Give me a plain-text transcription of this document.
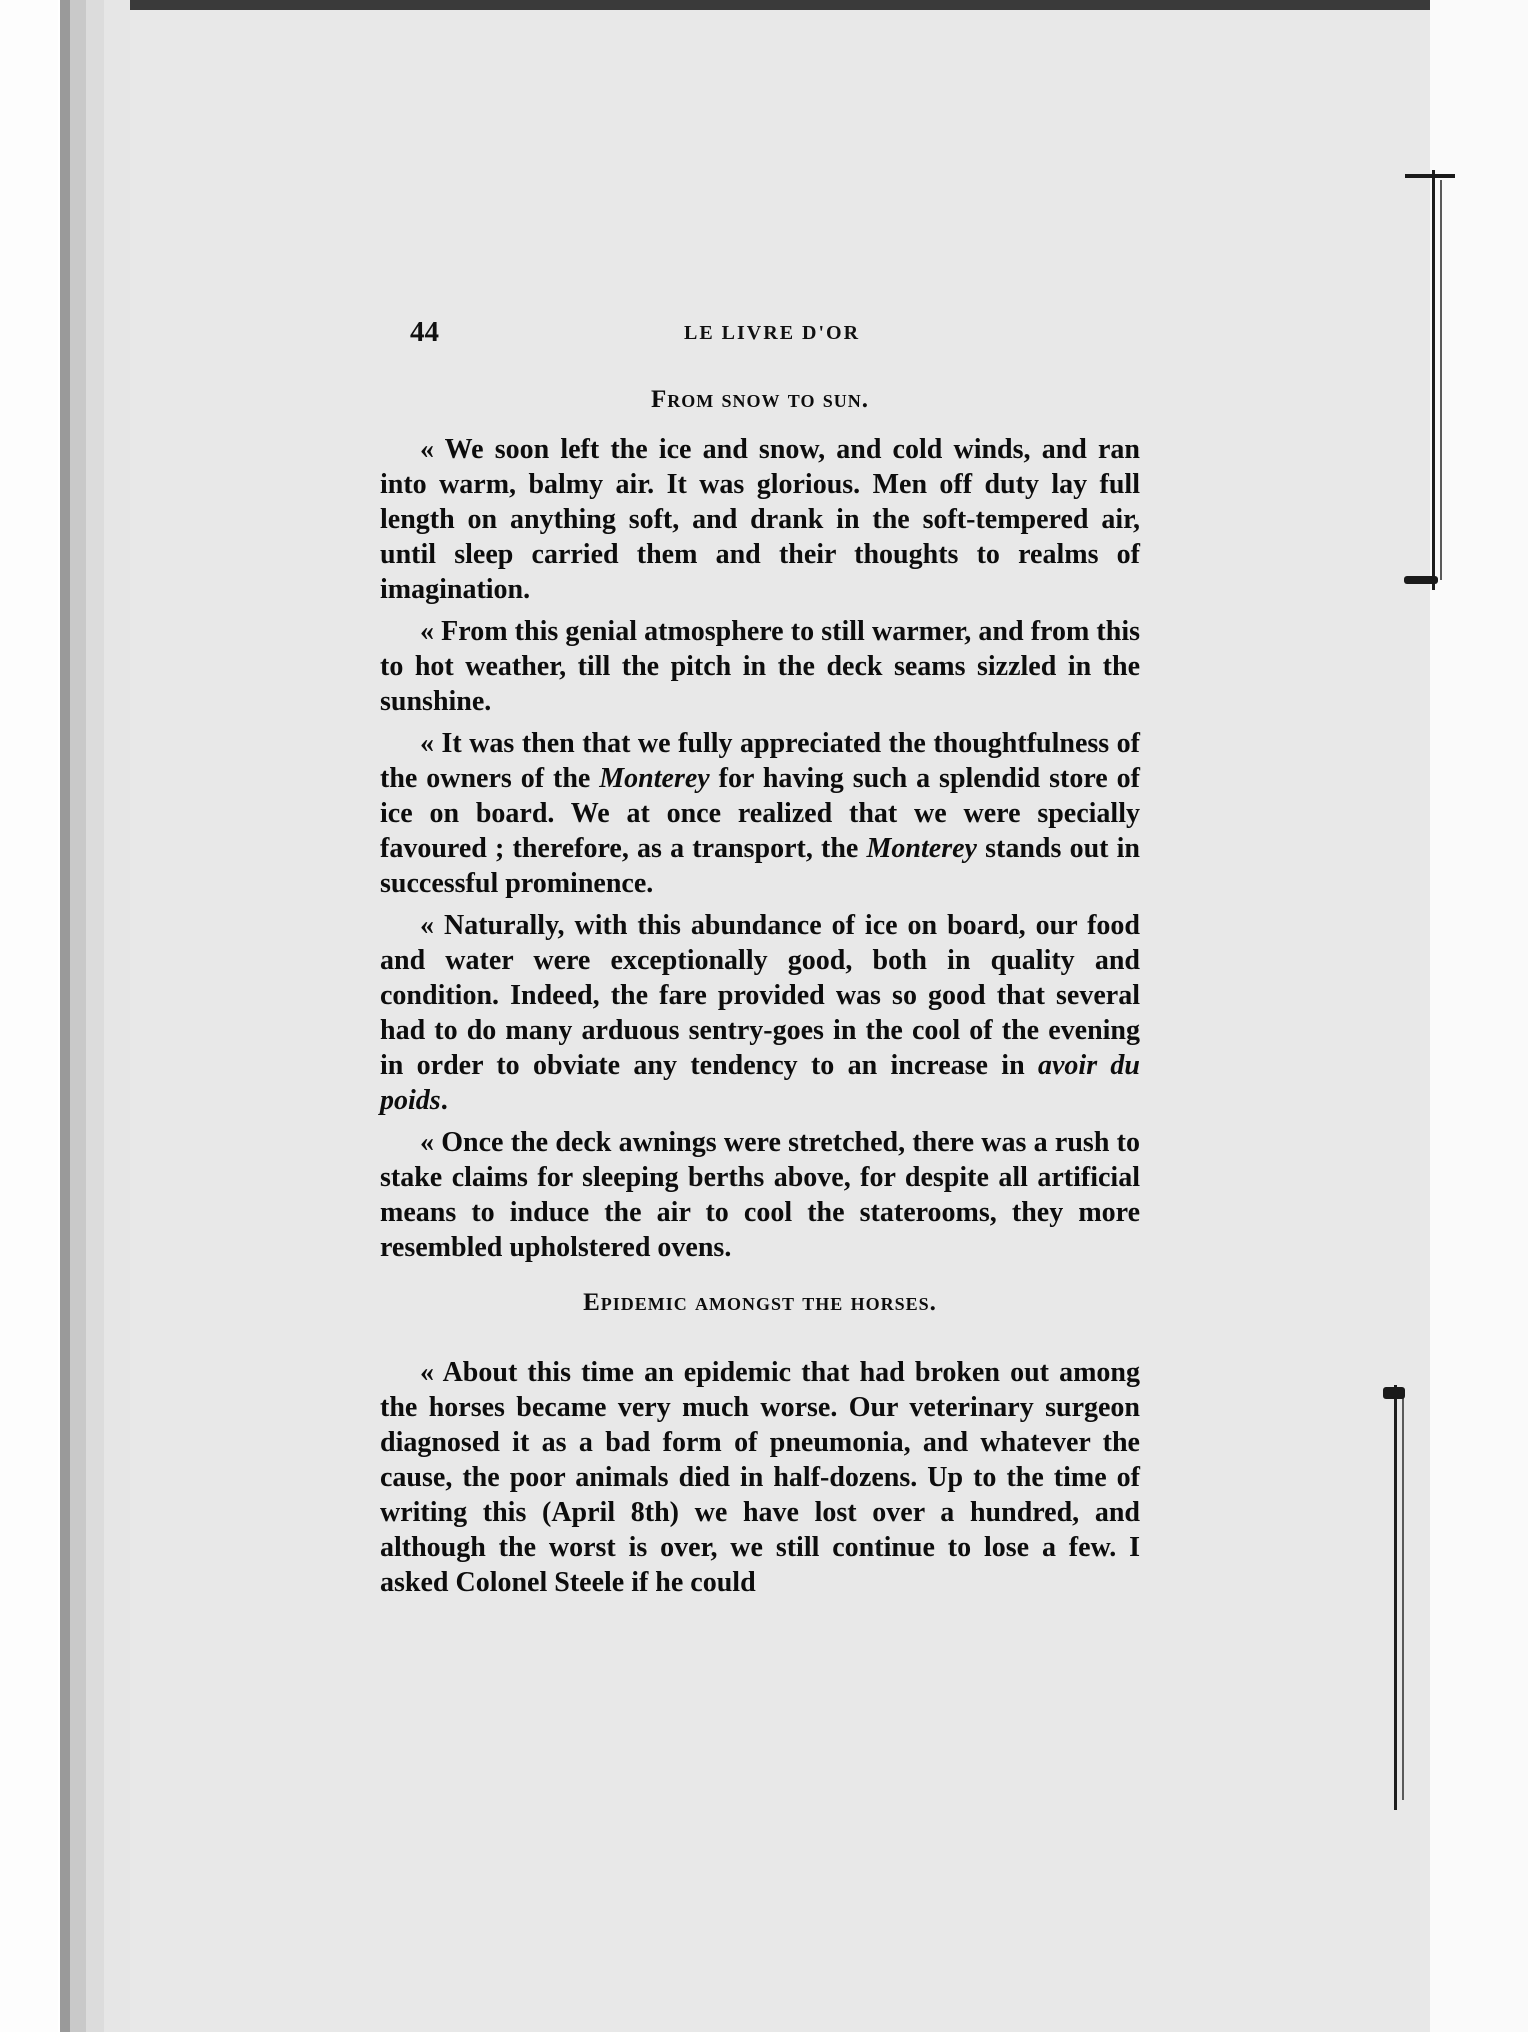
44	LE LIVRE D'OR
From snow to sun.

« We soon left the ice and snow, and cold winds, and ran into warm, balmy air. It was glorious. Men off duty lay full length on anything soft, and drank in the soft-tempered air, until sleep carried them and their thoughts to realms of imagination.

« From this genial atmosphere to still warmer, and from this to hot weather, till the pitch in the deck seams sizzled in the sunshine.

« It was then that we fully appreciated the thoughtfulness of the owners of the Monterey for having such a splendid store of ice on board. We at once realized that we were specially favoured ; therefore, as a transport, the Monterey stands out in successful prominence.

« Naturally, with this abundance of ice on board, our food and water were exceptionally good, both in quality and condition. Indeed, the fare provided was so good that several had to do many arduous sentry-goes in the cool of the evening in order to obviate any tendency to an increase in avoir du poids.

« Once the deck awnings were stretched, there was a rush to stake claims for sleeping berths above, for despite all artificial means to induce the air to cool the staterooms, they more resembled upholstered ovens.

Epidemic amongst the horses.

« About this time an epidemic that had broken out among the horses became very much worse. Our veterinary surgeon diagnosed it as a bad form of pneumonia, and whatever the cause, the poor animals died in half-dozens. Up to the time of writing this (April 8th) we have lost over a hundred, and although the worst is over, we still continue to lose a few. I asked Colonel Steele if he could
